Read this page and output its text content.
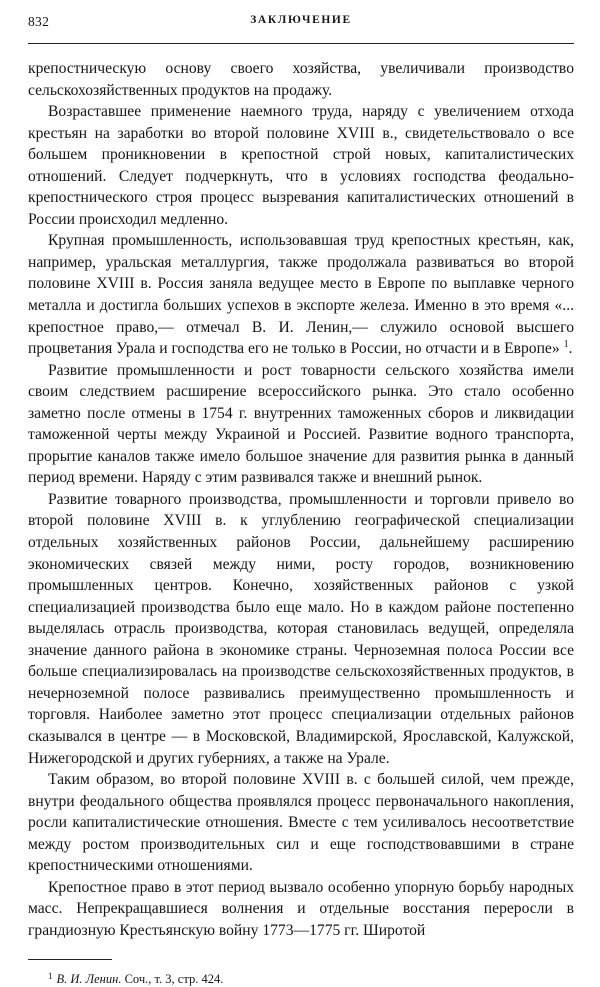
832	ЗАКЛЮЧЕНИЕ

крепостническую основу своего хозяйства, увеличивали производство сельскохозяйственных продуктов на продажу.

Возраставшее применение наемного труда, наряду с увеличением отхода крестьян на заработки во второй половине XVIII в., свидетельствовало о все большем проникновении в крепостной строй новых, капиталистических отношений. Следует подчеркнуть, что в условиях господства феодально-крепостнического строя процесс вызревания капиталистических отношений в России происходил медленно.

Крупная промышленность, использовавшая труд крепостных крестьян, как, например, уральская металлургия, также продолжала развиваться во второй половине XVIII в. Россия заняла ведущее место в Европе по выплавке черного металла и достигла больших успехов в экспорте железа. Именно в это время «... крепостное право,— отмечал В. И. Ленин,— служило основой высшего процветания Урала и господства его не только в России, но отчасти и в Европе» $^1$.

Развитие промышленности и рост товарности сельского хозяйства имели своим следствием расширение всероссийского рынка. Это стало особенно заметно после отмены в 1754 г. внутренних таможенных сборов и ликвидации таможенной черты между Украиной и Россией. Развитие водного транспорта, прорытие каналов также имело большое значение для развития рынка в данный период времени. Наряду с этим развивался также и внешний рынок.

Развитие товарного производства, промышленности и торговли привело во второй половине XVIII в. к углублению географической специализации отдельных хозяйственных районов России, дальнейшему расширению экономических связей между ними, росту городов, возникновению промышленных центров. Конечно, хозяйственных районов с узкой специализацией производства было еще мало. Но в каждом районе постепенно выделялась отрасль производства, которая становилась ведущей, определяла значение данного района в экономике страны. Черноземная полоса России все больше специализировалась на производстве сельскохозяйственных продуктов, в нечерноземной полосе развивались преимущественно промышленность и торговля. Наиболее заметно этот процесс специализации отдельных районов сказывался в центре — в Московской, Владимирской, Ярославской, Калужской, Нижегородской и других губерниях, а также на Урале.

Таким образом, во второй половине XVIII в. с большей силой, чем прежде, внутри феодального общества проявлялся процесс первоначального накопления, росли капиталистические отношения. Вместе с тем усиливалось несоответствие между ростом производительных сил и еще господствовавшими в стране крепостническими отношениями.

Крепостное право в этот период вызвало особенно упорную борьбу народных масс. Непрекращавшиеся волнения и отдельные восстания переросли в грандиозную Крестьянскую войну 1773—1775 гг. Широтой

$^1$ В. И. Ленин. Соч., т. 3, стр. 424.
